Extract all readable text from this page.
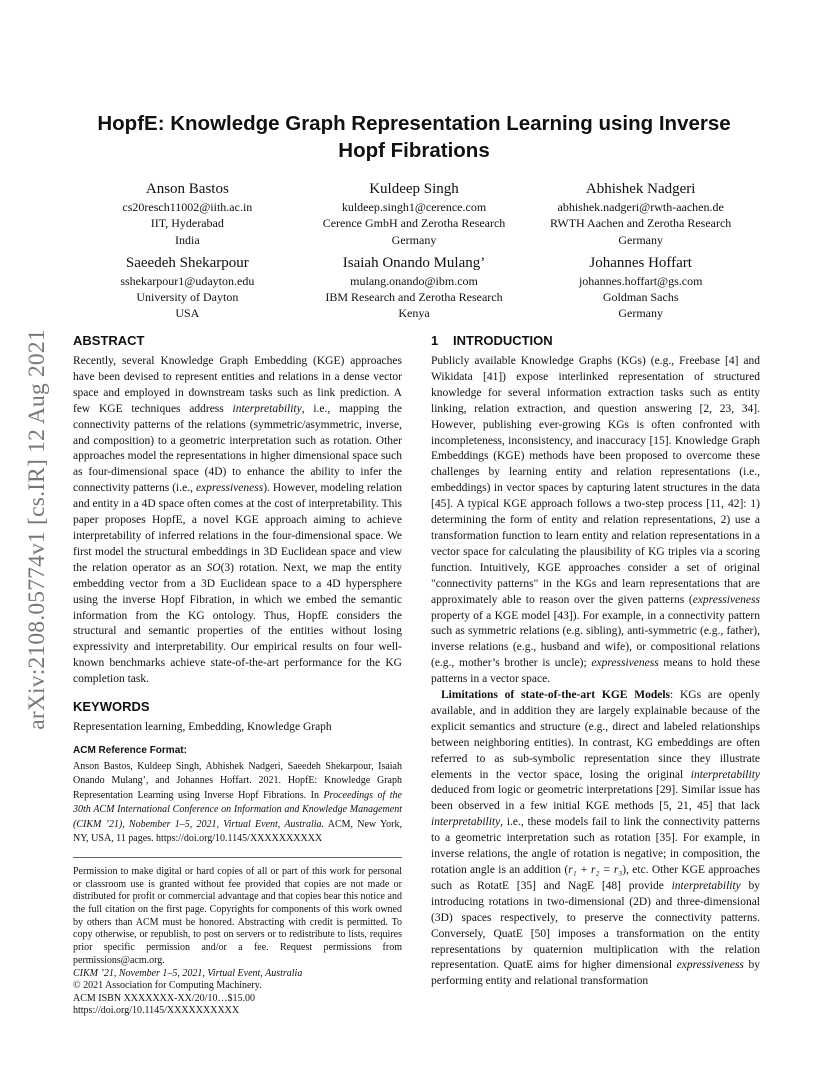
arXiv:2108.05774v1 [cs.IR] 12 Aug 2021
HopfE: Knowledge Graph Representation Learning using Inverse Hopf Fibrations
Anson Bastos
cs20resch11002@iith.ac.in
IIT, Hyderabad
India
Kuldeep Singh
kuldeep.singh1@cerence.com
Cerence GmbH and Zerotha Research
Germany
Abhishek Nadgeri
abhishek.nadgeri@rwth-aachen.de
RWTH Aachen and Zerotha Research
Germany
Saeedeh Shekarpour
sshekarpour1@udayton.edu
University of Dayton
USA
Isaiah Onando Mulang’
mulang.onando@ibm.com
IBM Research and Zerotha Research
Kenya
Johannes Hoffart
johannes.hoffart@gs.com
Goldman Sachs
Germany
ABSTRACT

Recently, several Knowledge Graph Embedding (KGE) approaches have been devised to represent entities and relations in a dense vector space and employed in downstream tasks such as link prediction. A few KGE techniques address interpretability, i.e., mapping the connectivity patterns of the relations (symmetric/asymmetric, inverse, and composition) to a geometric interpretation such as rotation. Other approaches model the representations in higher dimensional space such as four-dimensional space (4D) to enhance the ability to infer the connectivity patterns (i.e., expressiveness). However, modeling relation and entity in a 4D space often comes at the cost of interpretability. This paper proposes HopfE, a novel KGE approach aiming to achieve interpretability of inferred relations in the four-dimensional space. We first model the structural embeddings in 3D Euclidean space and view the relation operator as an SO(3) rotation. Next, we map the entity embedding vector from a 3D Euclidean space to a 4D hypersphere using the inverse Hopf Fibration, in which we embed the semantic information from the KG ontology. Thus, HopfE considers the structural and semantic properties of the entities without losing expressivity and interpretability. Our empirical results on four well-known benchmarks achieve state-of-the-art performance for the KG completion task.

KEYWORDS

Representation learning, Embedding, Knowledge Graph

ACM Reference Format:

Anson Bastos, Kuldeep Singh, Abhishek Nadgeri, Saeedeh Shekarpour, Isaiah Onando Mulang’, and Johannes Hoffart. 2021. HopfE: Knowledge Graph Representation Learning using Inverse Hopf Fibrations. In Proceedings of the 30th ACM International Conference on Information and Knowledge Management (CIKM ’21), Nobember 1–5, 2021, Virtual Event, Australia. ACM, New York, NY, USA, 11 pages. https://doi.org/10.1145/XXXXXXXXXX

Permission to make digital or hard copies of all or part of this work for personal or classroom use is granted without fee provided that copies are not made or distributed for profit or commercial advantage and that copies bear this notice and the full citation on the first page. Copyrights for components of this work owned by others than ACM must be honored. Abstracting with credit is permitted. To copy otherwise, or republish, to post on servers or to redistribute to lists, requires prior specific permission and/or a fee. Request permissions from permissions@acm.org.

CIKM ’21, November 1–5, 2021, Virtual Event, Australia
© 2021 Association for Computing Machinery.
ACM ISBN XXXXXXX-XX/20/10…$15.00
https://doi.org/10.1145/XXXXXXXXXX
1 INTRODUCTION

Publicly available Knowledge Graphs (KGs) (e.g., Freebase [4] and Wikidata [41]) expose interlinked representation of structured knowledge for several information extraction tasks such as entity linking, relation extraction, and question answering [2, 23, 34]. However, publishing ever-growing KGs is often confronted with incompleteness, inconsistency, and inaccuracy [15]. Knowledge Graph Embeddings (KGE) methods have been proposed to overcome these challenges by learning entity and relation representations (i.e., embeddings) in vector spaces by capturing latent structures in the data [45]. A typical KGE approach follows a two-step process [11, 42]: 1) determining the form of entity and relation representations, 2) use a transformation function to learn entity and relation representations in a vector space for calculating the plausibility of KG triples via a scoring function. Intuitively, KGE approaches consider a set of original "connectivity patterns" in the KGs and learn representations that are approximately able to reason over the given patterns (expressiveness property of a KGE model [43]). For example, in a connectivity pattern such as symmetric relations (e.g. sibling), anti-symmetric (e.g., father), inverse relations (e.g., husband and wife), or compositional relations (e.g., mother’s brother is uncle); expressiveness means to hold these patterns in a vector space.

Limitations of state-of-the-art KGE Models: KGs are openly available, and in addition they are largely explainable because of the explicit semantics and structure (e.g., direct and labeled relationships between neighboring entities). In contrast, KG embeddings are often referred to as sub-symbolic representation since they illustrate elements in the vector space, losing the original interpretability deduced from logic or geometric interpretations [29]. Similar issue has been observed in a few initial KGE methods [5, 21, 45] that lack interpretability, i.e., these models fail to link the connectivity patterns to a geometric interpretation such as rotation [35]. For example, in inverse relations, the angle of rotation is negative; in composition, the rotation angle is an addition (r₁ + r₂ = r₃), etc. Other KGE approaches such as RotatE [35] and NagE [48] provide interpretability by introducing rotations in two-dimensional (2D) and three-dimensional (3D) spaces respectively, to preserve the connectivity patterns. Conversely, QuatE [50] imposes a transformation on the entity representations by quaternion multiplication with the relation representation. QuatE aims for higher dimensional expressiveness by performing entity and relational transformation
